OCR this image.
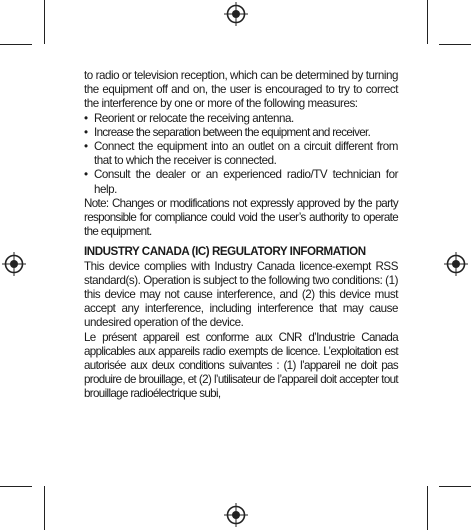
to radio or television reception, which can be determined by turning the equipment off and on, the user is encouraged to try to correct the interference by one or more of the following measures:

• Reorient or relocate the receiving antenna.
• Increase the separation between the equipment and receiver.
• Connect the equipment into an outlet on a circuit different from that to which the receiver is connected.
• Consult the dealer or an experienced radio/TV technician for help.

Note: Changes or modifications not expressly approved by the party responsible for compliance could void the user’s authority to operate the equipment.

INDUSTRY CANADA (IC) REGULATORY INFORMATION

This device complies with Industry Canada licence-exempt RSS standard(s). Operation is subject to the following two conditions: (1) this device may not cause interference, and (2) this device must accept any interference, including interference that may cause undesired operation of the device.

Le présent appareil est conforme aux CNR d’Industrie Canada applicables aux appareils radio exempts de licence. L’exploitation est autorisée aux deux conditions suivantes : (1) l’appareil ne doit pas produire de brouillage, et (2) l’utilisateur de l’appareil doit accepter tout brouillage radioélectrique subi,
